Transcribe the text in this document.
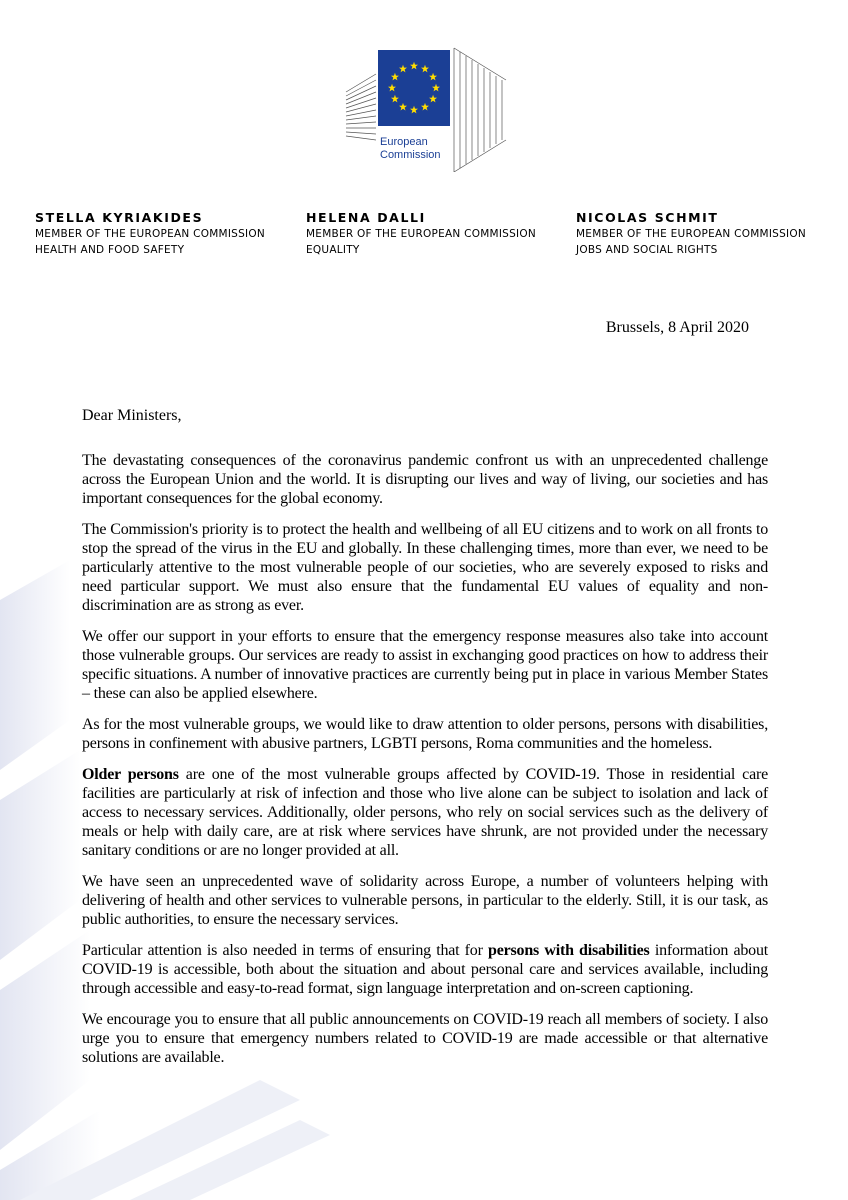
European
Commission
STELLA KYRIAKIDES
MEMBER OF THE EUROPEAN COMMISSION
HEALTH AND FOOD SAFETY
HELENA DALLI
MEMBER OF THE EUROPEAN COMMISSION
EQUALITY
NICOLAS SCHMIT
MEMBER OF THE EUROPEAN COMMISSION
JOBS AND SOCIAL RIGHTS
Brussels, 8 April 2020
Dear Ministers,

The devastating consequences of the coronavirus pandemic confront us with an unprecedented challenge across the European Union and the world. It is disrupting our lives and way of living, our societies and has important consequences for the global economy.

The Commission's priority is to protect the health and wellbeing of all EU citizens and to work on all fronts to stop the spread of the virus in the EU and globally. In these challenging times, more than ever, we need to be particularly attentive to the most vulnerable people of our societies, who are severely exposed to risks and need particular support. We must also ensure that the fundamental EU values of equality and non-discrimination are as strong as ever.

We offer our support in your efforts to ensure that the emergency response measures also take into account those vulnerable groups. Our services are ready to assist in exchanging good practices on how to address their specific situations. A number of innovative practices are currently being put in place in various Member States – these can also be applied elsewhere.

As for the most vulnerable groups, we would like to draw attention to older persons, persons with disabilities, persons in confinement with abusive partners, LGBTI persons, Roma communities and the homeless.

Older persons are one of the most vulnerable groups affected by COVID-19. Those in residential care facilities are particularly at risk of infection and those who live alone can be subject to isolation and lack of access to necessary services. Additionally, older persons, who rely on social services such as the delivery of meals or help with daily care, are at risk where services have shrunk, are not provided under the necessary sanitary conditions or are no longer provided at all.

We have seen an unprecedented wave of solidarity across Europe, a number of volunteers helping with delivering of health and other services to vulnerable persons, in particular to the elderly. Still, it is our task, as public authorities, to ensure the necessary services.

Particular attention is also needed in terms of ensuring that for persons with disabilities information about COVID-19 is accessible, both about the situation and about personal care and services available, including through accessible and easy-to-read format, sign language interpretation and on-screen captioning.

We encourage you to ensure that all public announcements on COVID-19 reach all members of society. I also urge you to ensure that emergency numbers related to COVID-19 are made accessible or that alternative solutions are available.
